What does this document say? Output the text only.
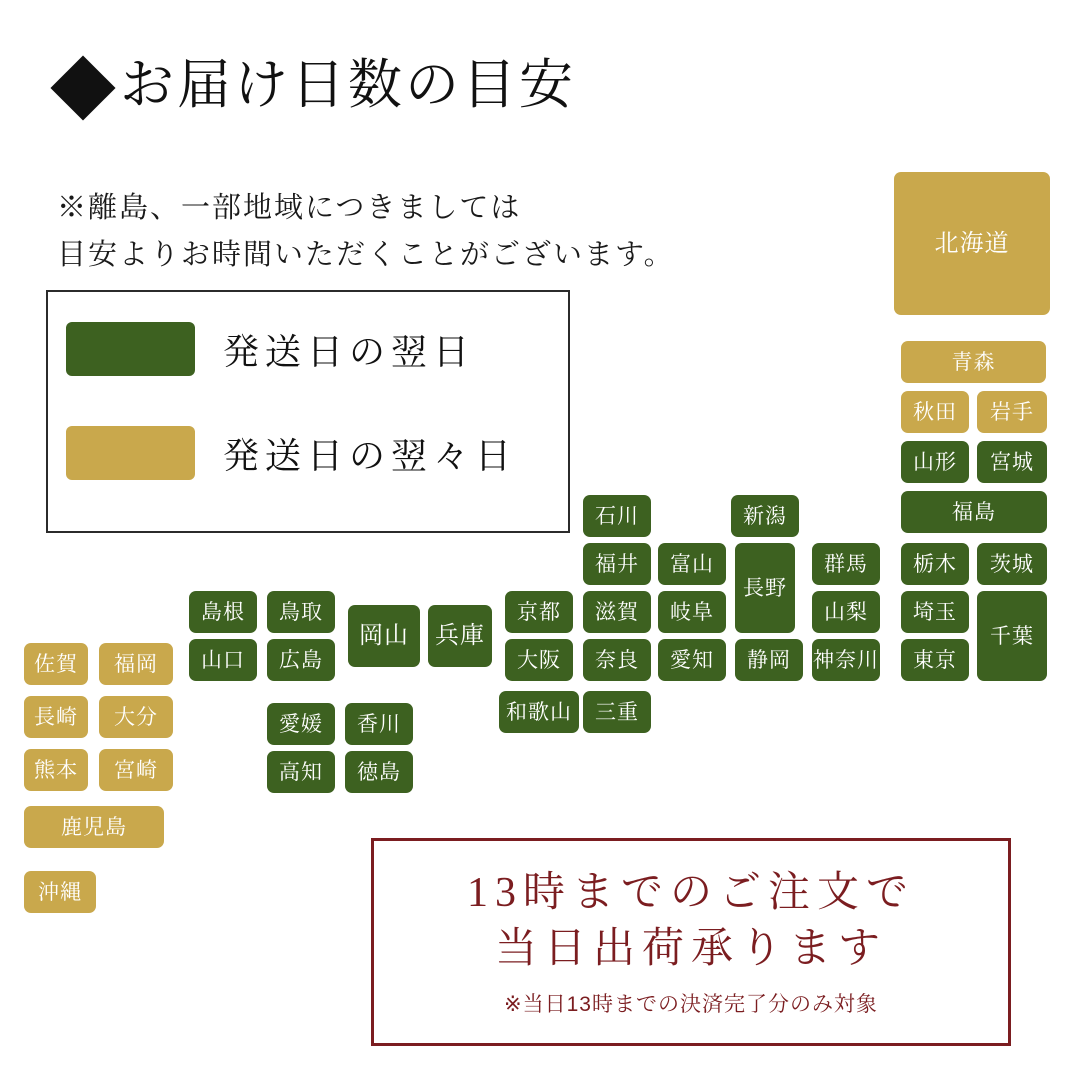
お届け日数の目安
※離島、一部地域につきましては
目安よりお時間いただくことがございます。
発送日の翌日
発送日の翌々日
北海道
青森
秋田	岩手
山形	宮城
福島
石川	新潟
群馬	栃木	茨城
福井	富山
長野
山梨	埼玉
千葉
京都	滋賀	岐阜
島根	鳥取
岡山	兵庫
山口	広島	大阪	奈良	愛知	静岡	神奈川	東京
佐賀	福岡
和歌山	三重
愛媛	香川
長崎	大分
熊本	宮崎	高知	徳島
鹿児島
沖縄	13時までのご注文で
当日出荷承ります
※当日13時までの決済完了分のみ対象
